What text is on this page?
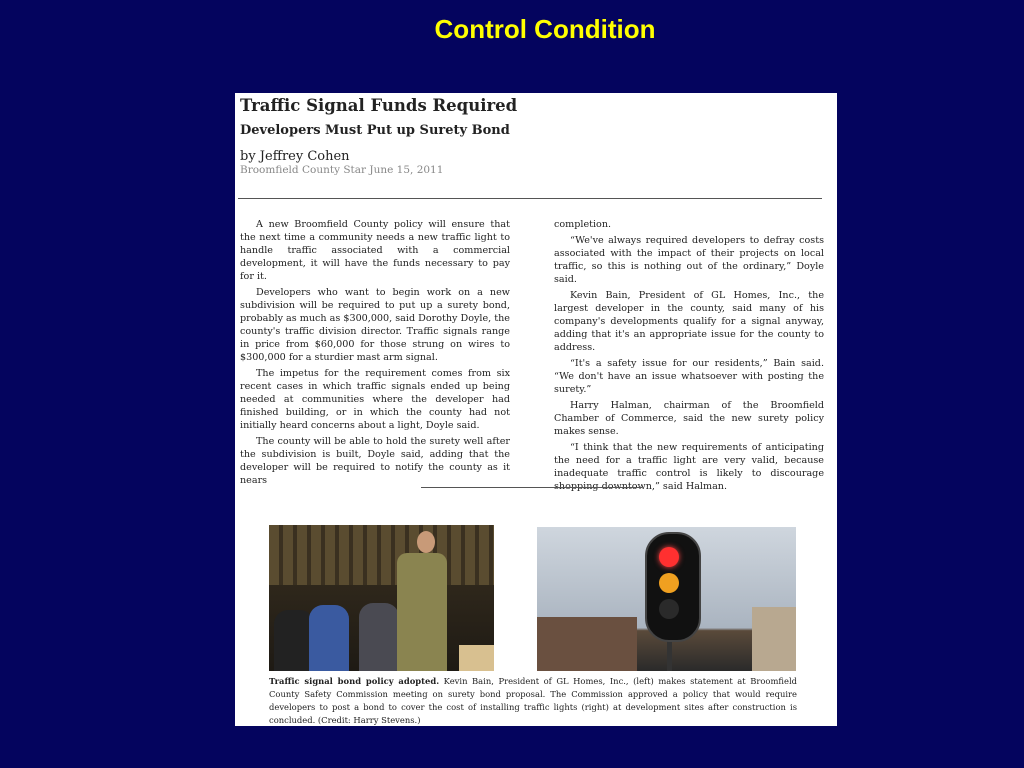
Control Condition
Traffic Signal Funds Required
Developers Must Put up Surety Bond
by Jeffrey Cohen
Broomfield County Star June 15, 2011

A new Broomfield County policy will ensure that the next time a community needs a new traffic light to handle traffic associated with a commercial development, it will have the funds necessary to pay for it.

Developers who want to begin work on a new subdivision will be required to put up a surety bond, probably as much as $300,000, said Dorothy Doyle, the county's traffic division director. Traffic signals range in price from $60,000 for those strung on wires to $300,000 for a sturdier mast arm signal.

The impetus for the requirement comes from six recent cases in which traffic signals ended up being needed at communities where the developer had finished building, or in which the county had not initially heard concerns about a light, Doyle said.

The county will be able to hold the surety well after the subdivision is built, Doyle said, adding that the developer will be required to notify the county as it nears

completion.

“We've always required developers to defray costs associated with the impact of their projects on local traffic, so this is nothing out of the ordinary,” Doyle said.

Kevin Bain, President of GL Homes, Inc., the largest developer in the county, said many of his company's developments qualify for a signal anyway, adding that it's an appropriate issue for the county to address.

“It's a safety issue for our residents,” Bain said. “We don't have an issue whatsoever with posting the surety.”

Harry Halman, chairman of the Broomfield Chamber of Commerce, said the new surety policy makes sense.

“I think that the new requirements of anticipating the need for a traffic light are very valid, because inadequate traffic control is likely to discourage shopping downtown,” said Halman.

Traffic signal bond policy adopted. Kevin Bain, President of GL Homes, Inc., (left) makes statement at Broomfield County Safety Commission meeting on surety bond proposal. The Commission approved a policy that would require developers to post a bond to cover the cost of installing traffic lights (right) at development sites after construction is concluded. (Credit: Harry Stevens.)
